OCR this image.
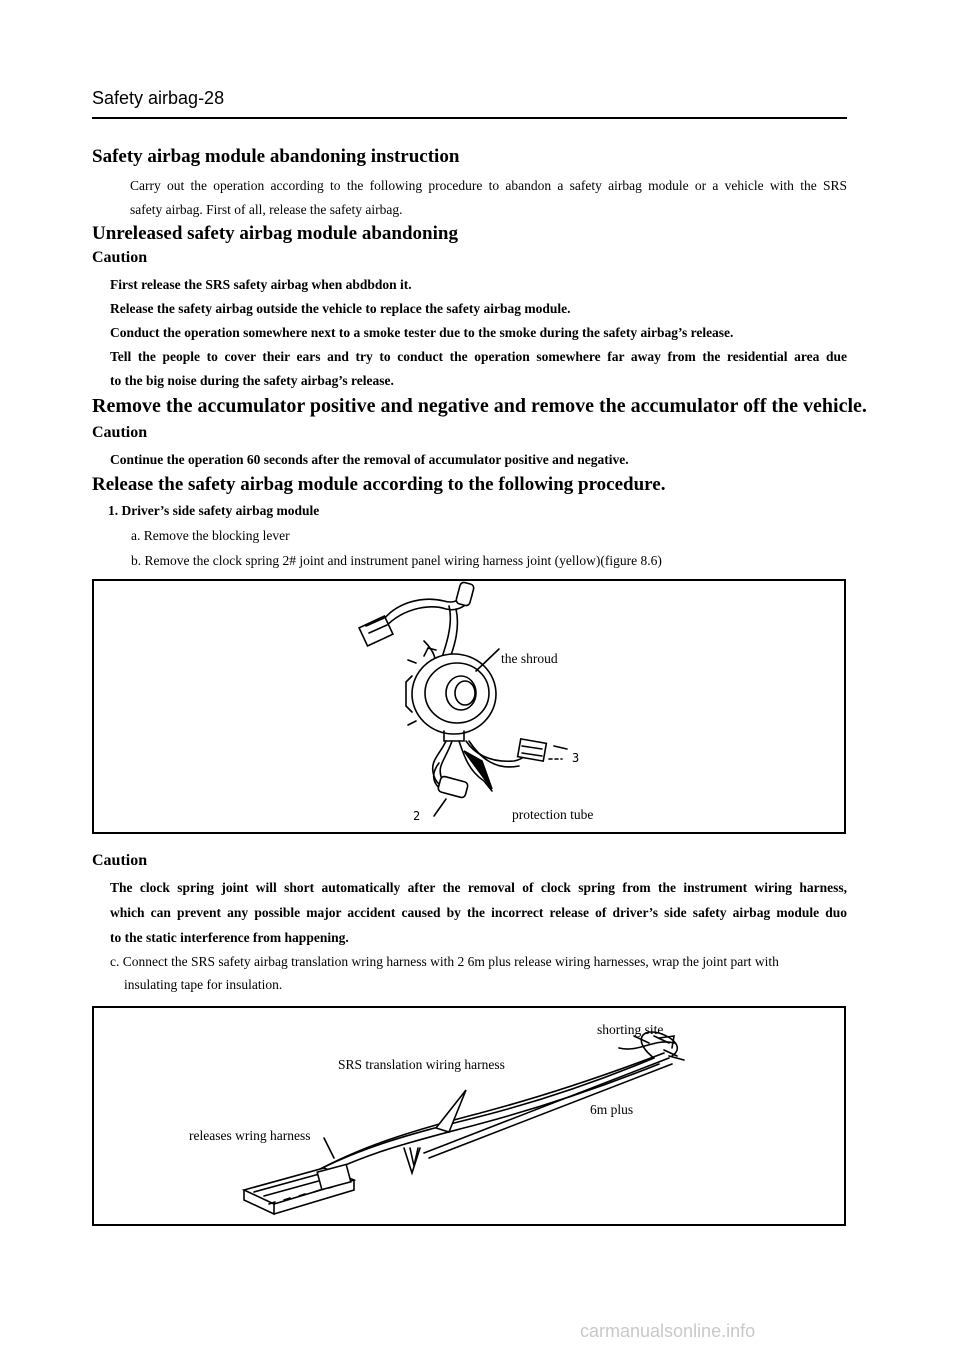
Safety airbag-28
Safety airbag module abandoning instruction
Carry out the operation according to the following procedure to abandon a safety airbag module or a vehicle with the SRS
safety airbag. First of all, release the safety airbag.
Unreleased safety airbag module abandoning
Caution
First release the SRS safety airbag when abdbdon it.
Release the safety airbag outside the vehicle to replace the safety airbag module.
Conduct the operation somewhere next to a smoke tester due to the smoke during the safety airbag’s release.
Tell the people to cover their ears and try to conduct the operation somewhere far away from the residential area due
to the big noise during the safety airbag’s release.
Remove the accumulator positive and negative and remove the accumulator off the vehicle.
Caution
Continue the operation 60 seconds after the removal of accumulator positive and negative.
Release the safety airbag module according to the following procedure.
1. Driver’s side safety airbag module
a. Remove the blocking lever
b. Remove the clock spring 2# joint and instrument panel wiring harness joint (yellow)(figure 8.6)
the shroud
3
2	protection tube
Caution
The clock spring joint will short automatically after the removal of clock spring from the instrument wiring harness,
which can prevent any possible major accident caused by the incorrect release of driver’s side safety airbag module duo
to the static interference from happening.
c. Connect the SRS safety airbag translation wring harness with 2 6m plus release wiring harnesses, wrap the joint part with
insulating tape for insulation.
shorting site
SRS translation wiring harness
6m plus
releases wring harness
carmanualsonline.info
